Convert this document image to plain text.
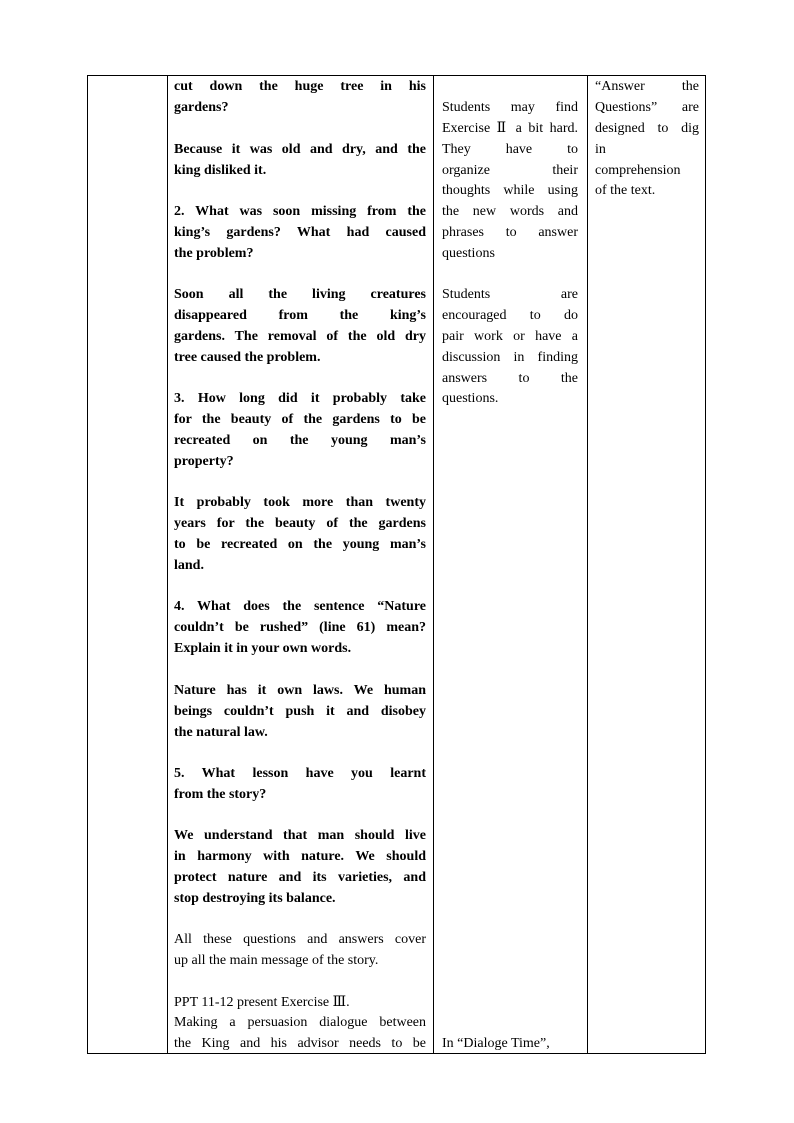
cut down the huge tree in his

gardens?

Because it was old and dry, and the

king disliked it.

2. What was soon missing from the

king’s gardens? What had caused

the problem?

Soon all the living creatures

disappeared from the king’s

gardens. The removal of the old dry

tree caused the problem.

3. How long did it probably take

for the beauty of the gardens to be

recreated on the young man’s

property?

It probably took more than twenty

years for the beauty of the gardens

to be recreated on the young man’s

land.

4. What does the sentence “Nature

couldn’t be rushed” (line 61) mean?

Explain it in your own words.

Nature has it own laws. We human

beings couldn’t push it and disobey

the natural law.

5. What lesson have you learnt

from the story?

We understand that man should live

in harmony with nature. We should

protect nature and its varieties, and

stop destroying its balance.

All these questions and answers cover

up all the main message of the story.

PPT 11-12 present Exercise Ⅲ.

Making a persuasion dialogue between

the King and his advisor needs to be

Students may find

Exercise Ⅱ a bit hard.

They have to

organize their

thoughts while using

the new words and

phrases to answer

questions

Students are

encouraged to do

pair work or have a

discussion in finding

answers to the

questions.

In “Dialoge Time”,

“Answer the

Questions” are

designed to dig

in

comprehension

of the text.
